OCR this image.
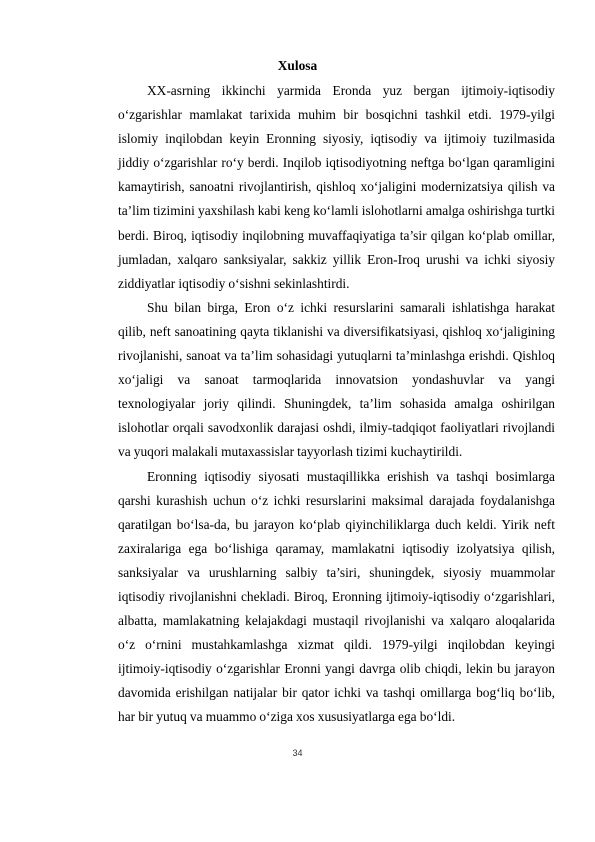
Xulosa

XX-asrning ikkinchi yarmida Eronda yuz bergan ijtimoiy-iqtisodiy o‘zgarishlar mamlakat tarixida muhim bir bosqichni tashkil etdi. 1979-yilgi islomiy inqilobdan keyin Eronning siyosiy, iqtisodiy va ijtimoiy tuzilmasida jiddiy o‘zgarishlar ro‘y berdi. Inqilob iqtisodiyotning neftga bo‘lgan qaramligini kamaytirish, sanoatni rivojlantirish, qishloq xo‘jaligini modernizatsiya qilish va ta’lim tizimini yaxshilash kabi keng ko‘lamli islohotlarni amalga oshirishga turtki berdi. Biroq, iqtisodiy inqilobning muvaffaqiyatiga ta’sir qilgan ko‘plab omillar, jumladan, xalqaro sanksiyalar, sakkiz yillik Eron-Iroq urushi va ichki siyosiy ziddiyatlar iqtisodiy o‘sishni sekinlashtirdi.

Shu bilan birga, Eron o‘z ichki resurslarini samarali ishlatishga harakat qilib, neft sanoatining qayta tiklanishi va diversifikatsiyasi, qishloq xo‘jaligining rivojlanishi, sanoat va ta’lim sohasidagi yutuqlarni ta’minlashga erishdi. Qishloq xo‘jaligi va sanoat tarmoqlarida innovatsion yondashuvlar va yangi texnologiyalar joriy qilindi. Shuningdek, ta’lim sohasida amalga oshirilgan islohotlar orqali savodxonlik darajasi oshdi, ilmiy-tadqiqot faoliyatlari rivojlandi va yuqori malakali mutaxassislar tayyorlash tizimi kuchaytirildi.

Eronning iqtisodiy siyosati mustaqillikka erishish va tashqi bosimlarga qarshi kurashish uchun o‘z ichki resurslarini maksimal darajada foydalanishga qaratilgan bo‘lsa-da, bu jarayon ko‘plab qiyinchiliklarga duch keldi. Yirik neft zaxiralariga ega bo‘lishiga qaramay, mamlakatni iqtisodiy izolyatsiya qilish, sanksiyalar va urushlarning salbiy ta’siri, shuningdek, siyosiy muammolar iqtisodiy rivojlanishni chekladi. Biroq, Eronning ijtimoiy-iqtisodiy o‘zgarishlari, albatta, mamlakatning kelajakdagi mustaqil rivojlanishi va xalqaro aloqalarida o‘z o‘rnini mustahkamlashga xizmat qildi. 1979-yilgi inqilobdan keyingi ijtimoiy-iqtisodiy o‘zgarishlar Eronni yangi davrga olib chiqdi, lekin bu jarayon davomida erishilgan natijalar bir qator ichki va tashqi omillarga bog‘liq bo‘lib, har bir yutuq va muammo o‘ziga xos xususiyatlarga ega bo‘ldi.

34
